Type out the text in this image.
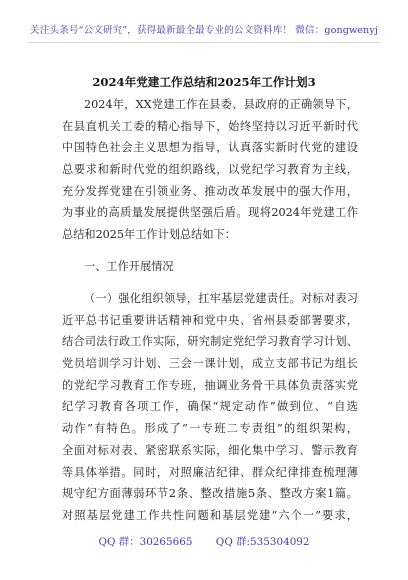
关注头条号“公文研究”，获得最新最全最专业的公文资料库！ 微信：gongwenyj
2024年党建工作总结和2025年工作计划3
2024年，XX党建工作在县委、县政府的正确领导下，
在县直机关工委的精心指导下，始终坚持以习近平新时代
中国特色社会主义思想为指导，认真落实新时代党的建设
总要求和新时代党的组织路线，以党纪学习教育为主线，
充分发挥党建在引领业务、推动改革发展中的强大作用，
为事业的高质量发展提供坚强后盾。现将2024年党建工作
总结和2025年工作计划总结如下：
一、工作开展情况
（一）强化组织领导，扛牢基层党建责任。对标对表习
近平总书记重要讲话精神和党中央、省州县委部署要求，
结合司法行政工作实际，研究制定党纪学习教育学习计划、
党员培训学习计划、三会一课计划，成立支部书记为组长
的党纪学习教育工作专班，抽调业务骨干具体负责落实党
纪学习教育各项工作，确保“规定动作”做到位、“自选
动作”有特色。形成了“一专班二专责组”的组织架构，
全面对标对表、紧密联系实际，细化集中学习、警示教育
等具体举措。同时，对照廉洁纪律、群众纪律排查梳理薄
规守纪方面薄弱环节2条、整改措施5条、整改方案1篇。
对照基层党建工作共性问题和基层党建“六个一”要求，
QQ 群：30265665 QQ 群:535304092
